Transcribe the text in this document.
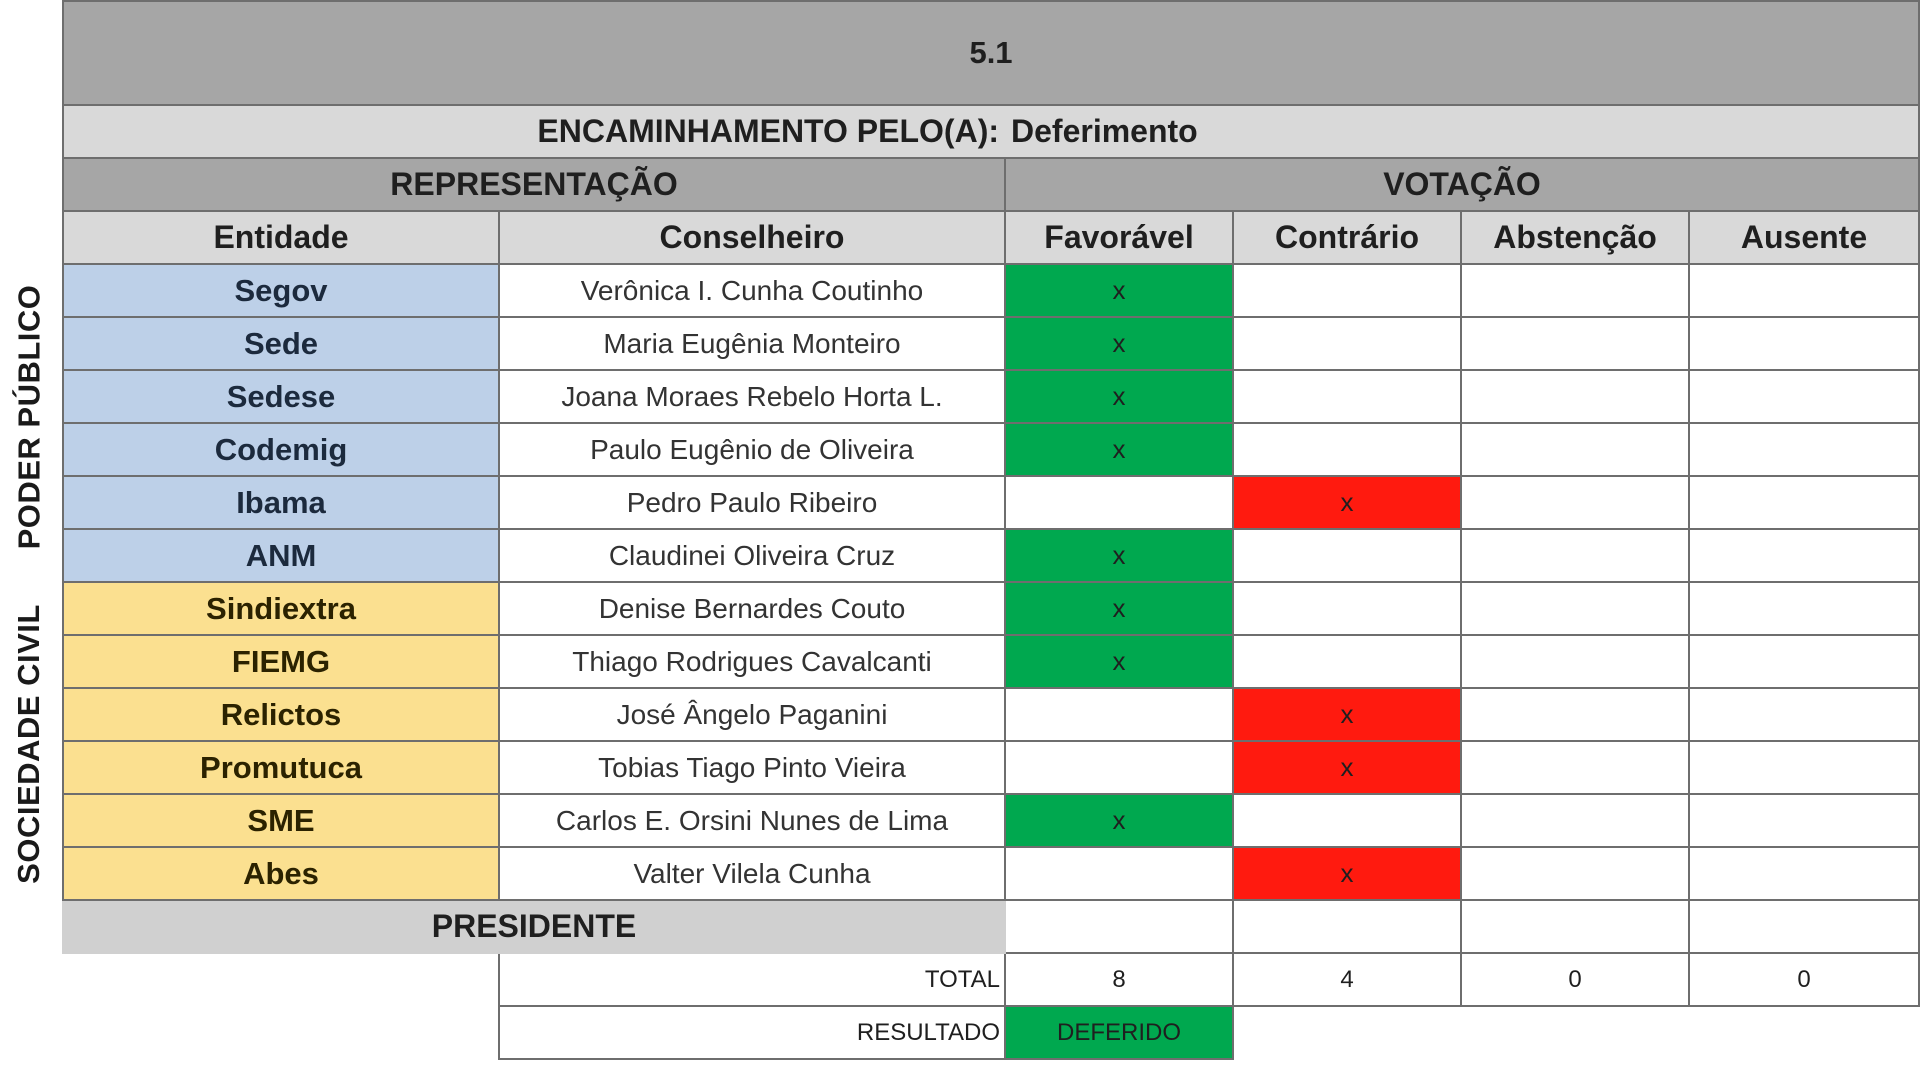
PODER PÚBLICO
SOCIEDADE CIVIL
5.1					
ENCAMINHAMENTO PELO(A):		Deferimento			
REPRESENTAÇÃO		VOTAÇÃO			
Entidade	Conselheiro	Favorável	Contrário	Abstenção	Ausente
Segov	Verônica I. Cunha Coutinho	x			
Sede	Maria Eugênia Monteiro	x			
Sedese	Joana Moraes Rebelo Horta L.	x			
Codemig	Paulo Eugênio de Oliveira	x			
Ibama	Pedro Paulo Ribeiro		x		
ANM	Claudinei Oliveira Cruz	x			
Sindiextra	Denise Bernardes Couto	x			
FIEMG	Thiago Rodrigues Cavalcanti	x			
Relictos	José Ângelo Paganini		x		
Promutuca	Tobias Tiago Pinto Vieira		x		
SME	Carlos E. Orsini Nunes de Lima	x			
Abes	Valter Vilela Cunha		x		
PRESIDENTE					
	TOTAL	8	4	0	0
	RESULTADO	DEFERIDO			
